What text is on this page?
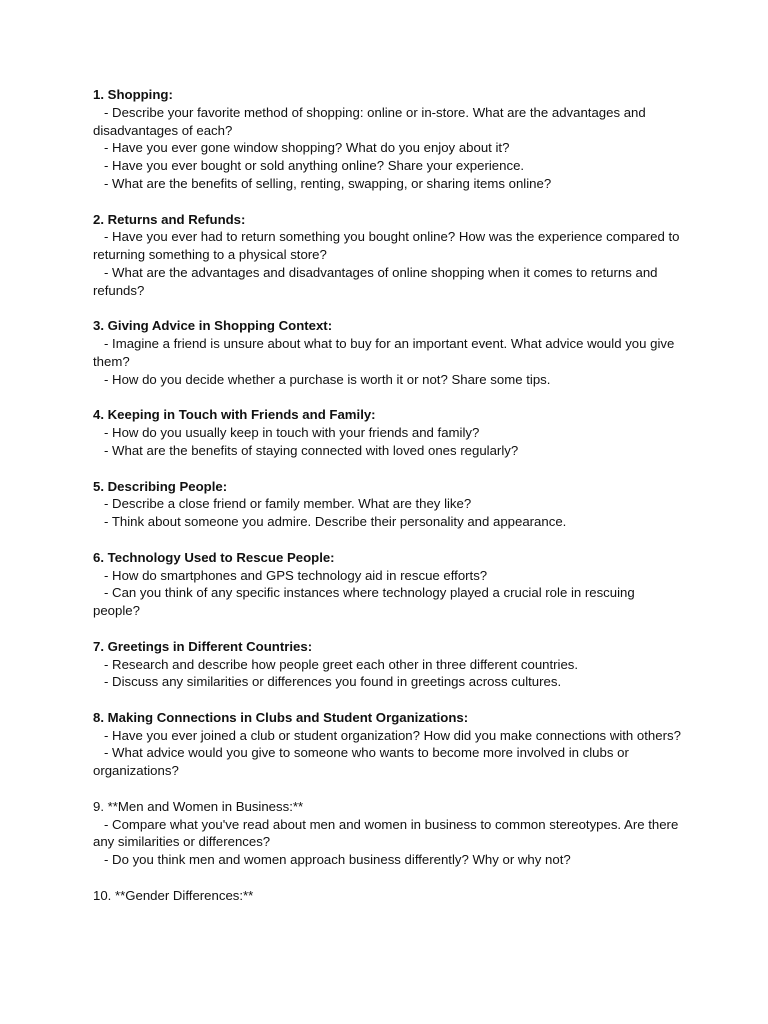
1. Shopping:
- Describe your favorite method of shopping: online or in-store. What are the advantages and disadvantages of each?
- Have you ever gone window shopping? What do you enjoy about it?
- Have you ever bought or sold anything online? Share your experience.
- What are the benefits of selling, renting, swapping, or sharing items online?
2. Returns and Refunds:
- Have you ever had to return something you bought online? How was the experience compared to returning something to a physical store?
- What are the advantages and disadvantages of online shopping when it comes to returns and refunds?
3. Giving Advice in Shopping Context:
- Imagine a friend is unsure about what to buy for an important event. What advice would you give them?
- How do you decide whether a purchase is worth it or not? Share some tips.
4. Keeping in Touch with Friends and Family:
- How do you usually keep in touch with your friends and family?
- What are the benefits of staying connected with loved ones regularly?
5. Describing People:
- Describe a close friend or family member. What are they like?
- Think about someone you admire. Describe their personality and appearance.
6. Technology Used to Rescue People:
- How do smartphones and GPS technology aid in rescue efforts?
- Can you think of any specific instances where technology played a crucial role in rescuing people?
7. Greetings in Different Countries:
- Research and describe how people greet each other in three different countries.
- Discuss any similarities or differences you found in greetings across cultures.
8. Making Connections in Clubs and Student Organizations:
- Have you ever joined a club or student organization? How did you make connections with others?
- What advice would you give to someone who wants to become more involved in clubs or organizations?
9. **Men and Women in Business:**
- Compare what you've read about men and women in business to common stereotypes. Are there any similarities or differences?
- Do you think men and women approach business differently? Why or why not?
10. **Gender Differences:**
